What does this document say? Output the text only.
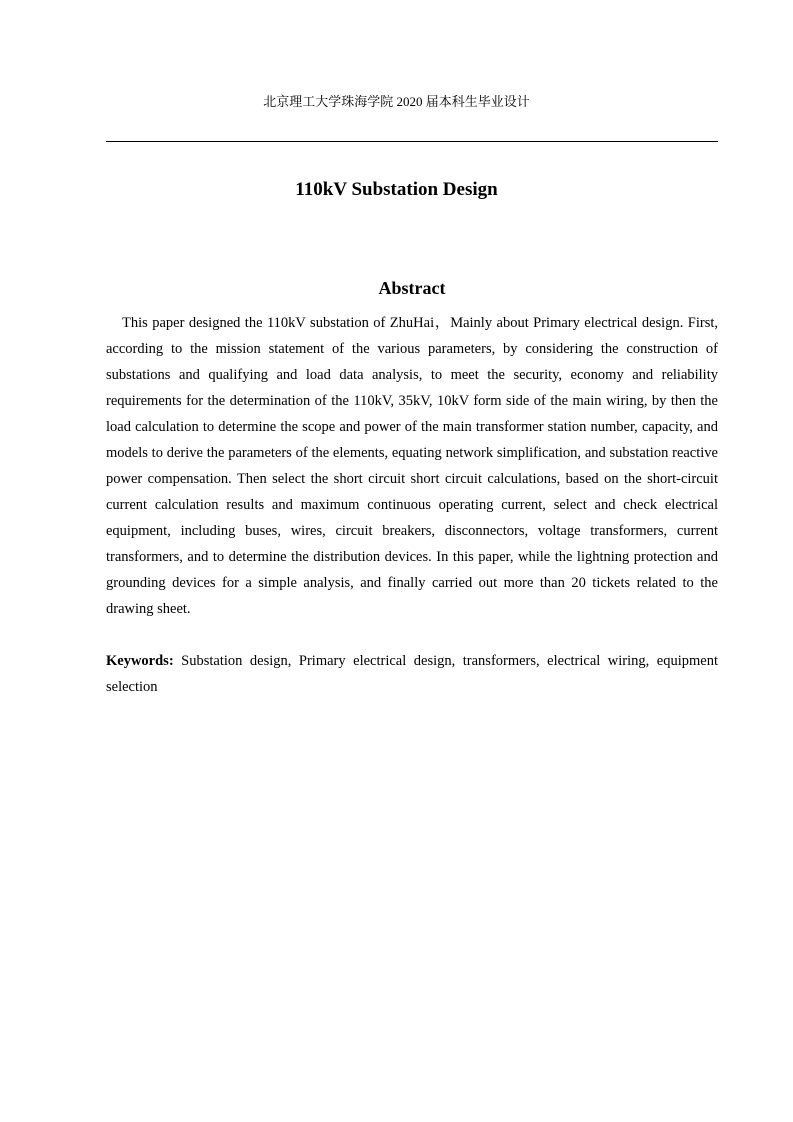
北京理工大学珠海学院 2020 届本科生毕业设计
110kV Substation Design
Abstract

This paper designed the 110kV substation of ZhuHai，Mainly about Primary electrical design. First, according to the mission statement of the various parameters, by considering the construction of substations and qualifying and load data analysis, to meet the security, economy and reliability requirements for the determination of the 110kV, 35kV, 10kV form side of the main wiring, by then the load calculation to determine the scope and power of the main transformer station number, capacity, and models to derive the parameters of the elements, equating network simplification, and substation reactive power compensation. Then select the short circuit short circuit calculations, based on the short-circuit current calculation results and maximum continuous operating current, select and check electrical equipment, including buses, wires, circuit breakers, disconnectors, voltage transformers, current transformers, and to determine the distribution devices. In this paper, while the lightning protection and grounding devices for a simple analysis, and finally carried out more than 20 tickets related to the drawing sheet.

Keywords: Substation design, Primary electrical design, transformers, electrical wiring, equipment selection
